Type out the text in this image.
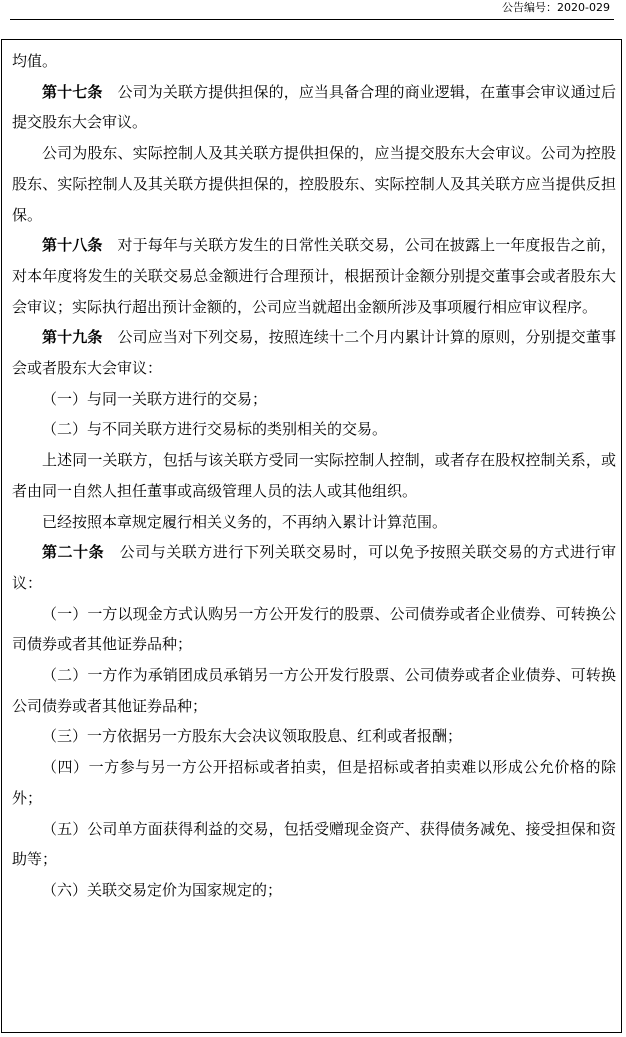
公告编号：2020-029

均值。

第十七条　 公司为关联方提供担保的，应当具备合理的商业逻辑，在董事会审议通过后提交股东大会审议。

公司为股东、实际控制人及其关联方提供担保的，应当提交股东大会审议。公司为控股股东、实际控制人及其关联方提供担保的，控股股东、实际控制人及其关联方应当提供反担保。

第十八条　 对于每年与关联方发生的日常性关联交易，公司在披露上一年度报告之前，对本年度将发生的关联交易总金额进行合理预计，根据预计金额分别提交董事会或者股东大会审议；实际执行超出预计金额的，公司应当就超出金额所涉及事项履行相应审议程序。

第十九条　 公司应当对下列交易，按照连续十二个月内累计计算的原则，分别提交董事会或者股东大会审议：

（一）与同一关联方进行的交易；

（二）与不同关联方进行交易标的类别相关的交易。

上述同一关联方，包括与该关联方受同一实际控制人控制，或者存在股权控制关系，或者由同一自然人担任董事或高级管理人员的法人或其他组织。

已经按照本章规定履行相关义务的，不再纳入累计计算范围。

第二十条　 公司与关联方进行下列关联交易时，可以免予按照关联交易的方式进行审议：

（一）一方以现金方式认购另一方公开发行的股票、公司债券或者企业债券、可转换公司债券或者其他证券品种；

（二）一方作为承销团成员承销另一方公开发行股票、公司债券或者企业债券、可转换公司债券或者其他证券品种；

（三）一方依据另一方股东大会决议领取股息、红利或者报酬；

（四）一方参与另一方公开招标或者拍卖，但是招标或者拍卖难以形成公允价格的除外；

（五）公司单方面获得利益的交易，包括受赠现金资产、获得债务减免、接受担保和资助等；

（六）关联交易定价为国家规定的；
